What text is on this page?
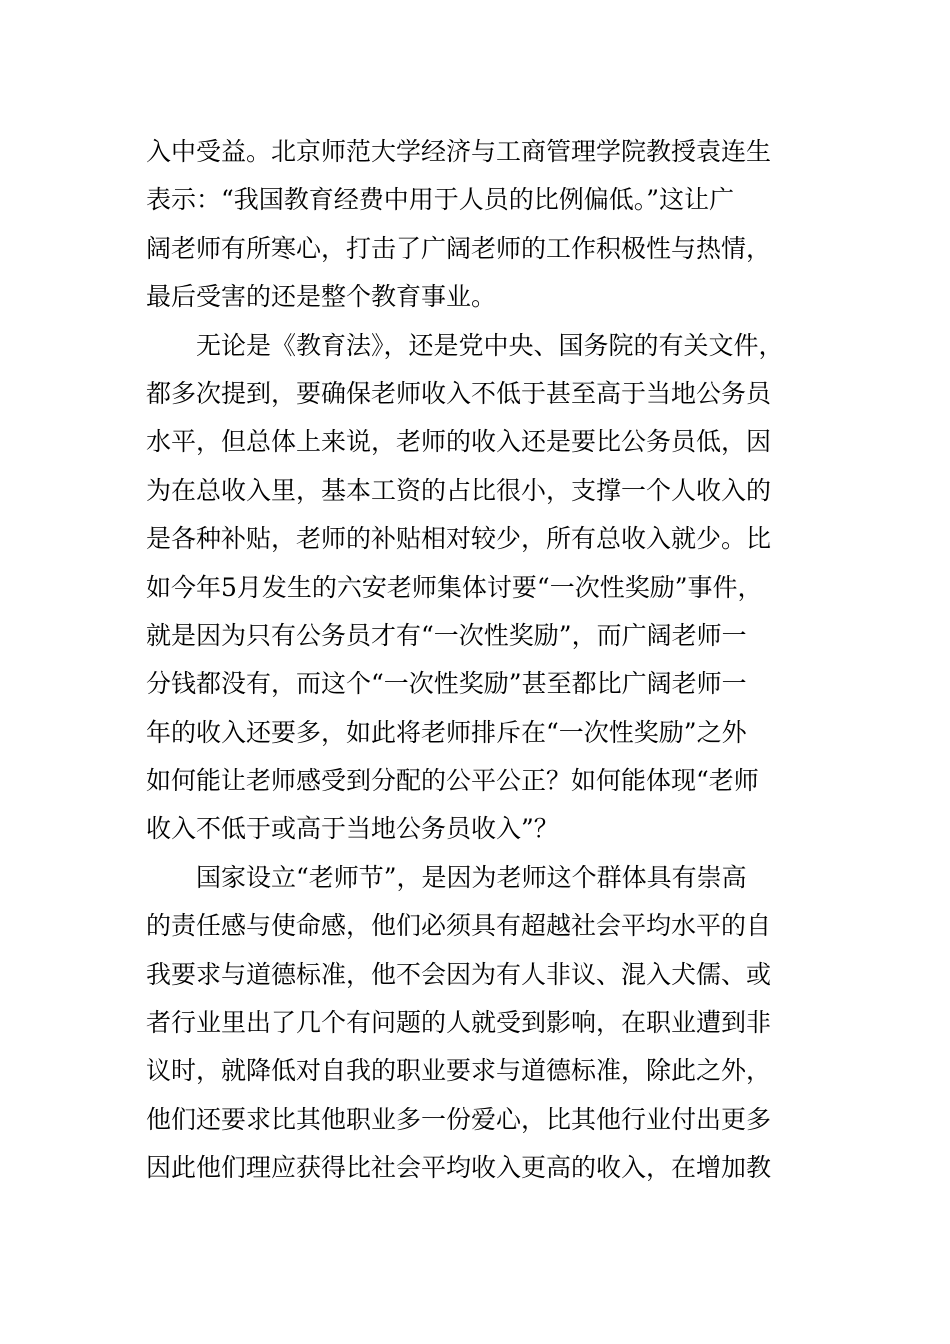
入中受益。北京师范大学经济与工商管理学院教授袁连生
表示：“我国教育经费中用于人员的比例偏低。”这让广
阔老师有所寒心，打击了广阔老师的工作积极性与热情，
最后受害的还是整个教育事业。
无论是《教育法》，还是党中央、国务院的有关文件，
都多次提到，要确保老师收入不低于甚至高于当地公务员
水平，但总体上来说，老师的收入还是要比公务员低，因
为在总收入里，基本工资的占比很小，支撑一个人收入的
是各种补贴，老师的补贴相对较少，所有总收入就少。比
如今年5月发生的六安老师集体讨要“一次性奖励”事件，
就是因为只有公务员才有“一次性奖励”，而广阔老师一
分钱都没有，而这个“一次性奖励”甚至都比广阔老师一
年的收入还要多，如此将老师排斥在“一次性奖励”之外
如何能让老师感受到分配的公平公正？如何能体现“老师
收入不低于或高于当地公务员收入”？
国家设立“老师节”，是因为老师这个群体具有崇高
的责任感与使命感，他们必须具有超越社会平均水平的自
我要求与道德标准，他不会因为有人非议、混入犬儒、或
者行业里出了几个有问题的人就受到影响，在职业遭到非
议时，就降低对自我的职业要求与道德标准，除此之外，
他们还要求比其他职业多一份爱心，比其他行业付出更多
因此他们理应获得比社会平均收入更高的收入，在增加教
